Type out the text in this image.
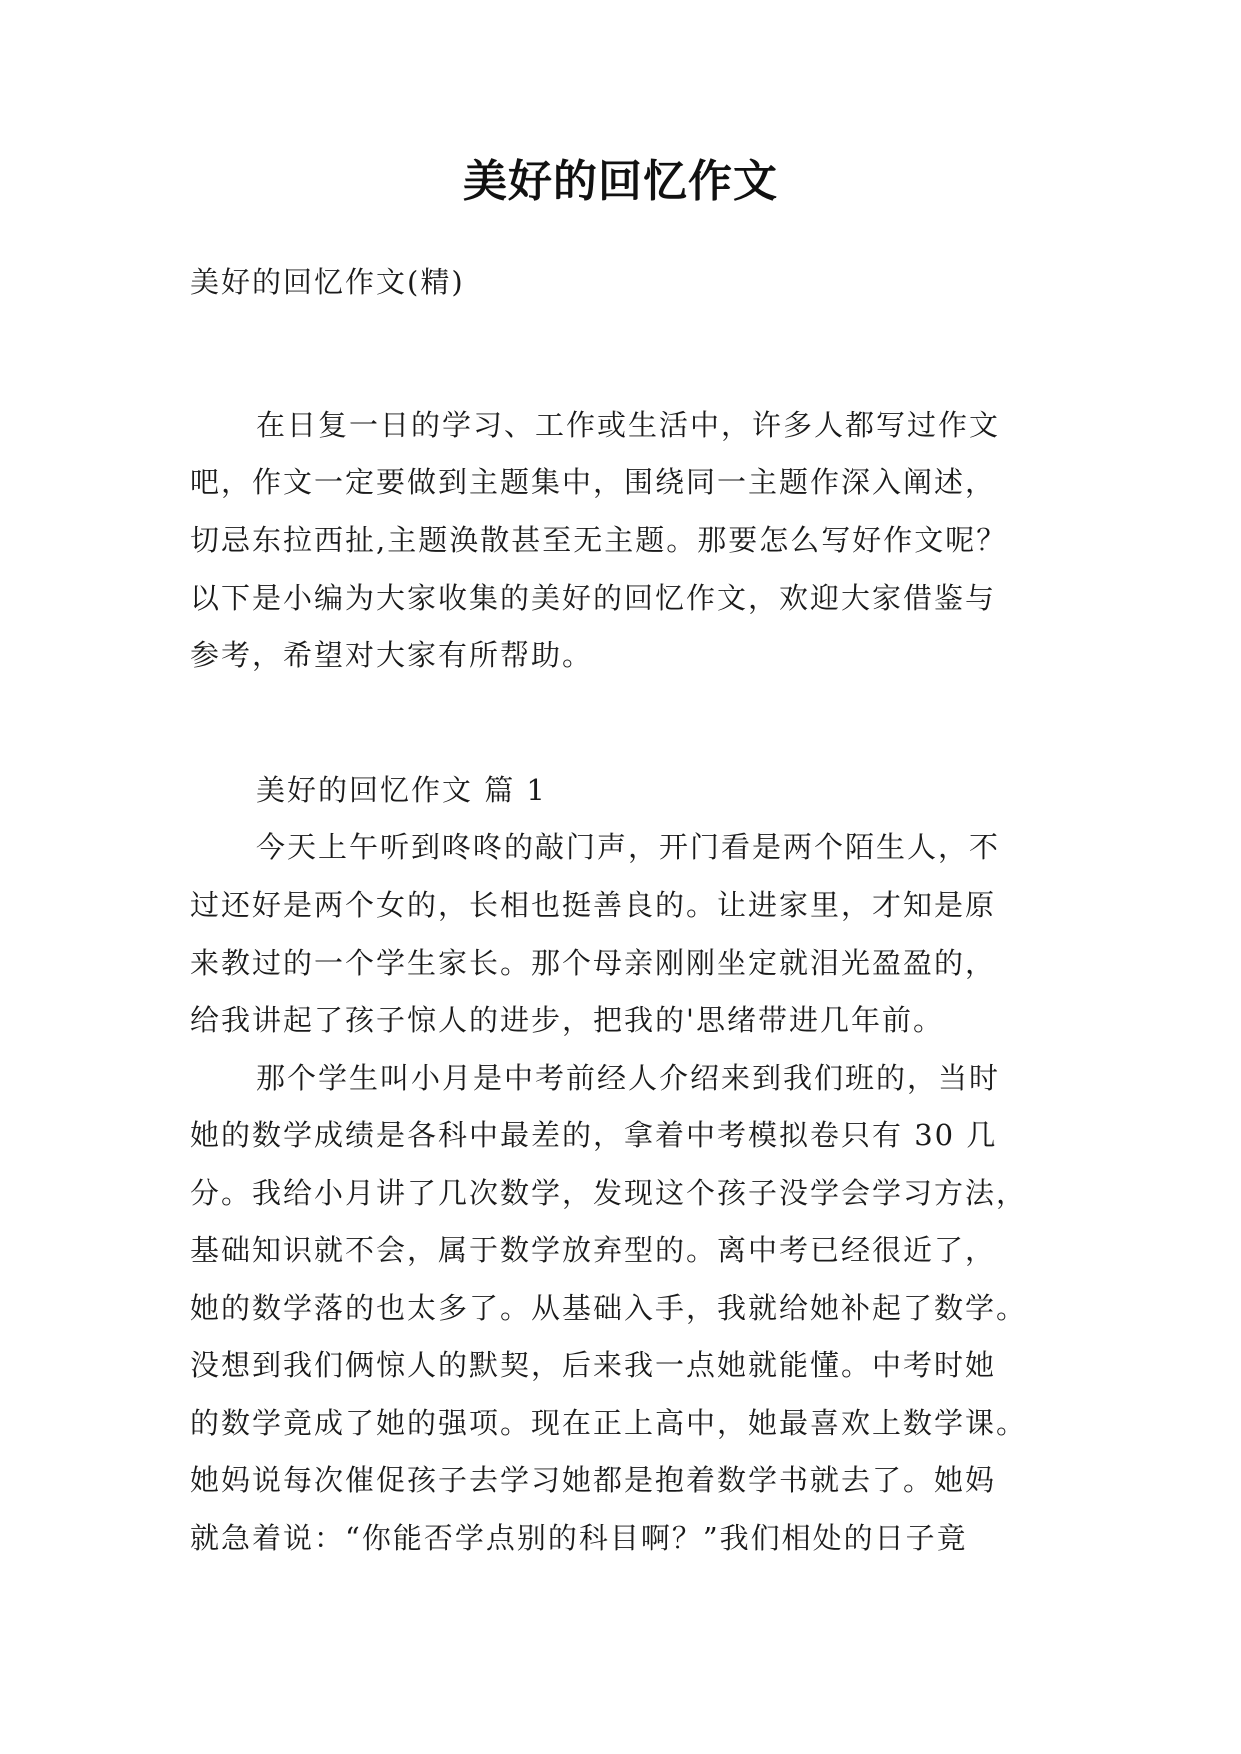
美好的回忆作文
美好的回忆作文(精)
在日复一日的学习、工作或生活中，许多人都写过作文
吧，作文一定要做到主题集中，围绕同一主题作深入阐述，
切忌东拉西扯,主题涣散甚至无主题。那要怎么写好作文呢？
以下是小编为大家收集的美好的回忆作文，欢迎大家借鉴与
参考，希望对大家有所帮助。
美好的回忆作文 篇 1
今天上午听到咚咚的敲门声，开门看是两个陌生人，不
过还好是两个女的，长相也挺善良的。让进家里，才知是原
来教过的一个学生家长。那个母亲刚刚坐定就泪光盈盈的，
给我讲起了孩子惊人的进步，把我的'思绪带进几年前。
那个学生叫小月是中考前经人介绍来到我们班的，当时
她的数学成绩是各科中最差的，拿着中考模拟卷只有 30 几
分。我给小月讲了几次数学，发现这个孩子没学会学习方法，
基础知识就不会，属于数学放弃型的。离中考已经很近了，
她的数学落的也太多了。从基础入手，我就给她补起了数学。
没想到我们俩惊人的默契，后来我一点她就能懂。中考时她
的数学竟成了她的强项。现在正上高中，她最喜欢上数学课。
她妈说每次催促孩子去学习她都是抱着数学书就去了。她妈
就急着说：“你能否学点别的科目啊？”我们相处的日子竟
